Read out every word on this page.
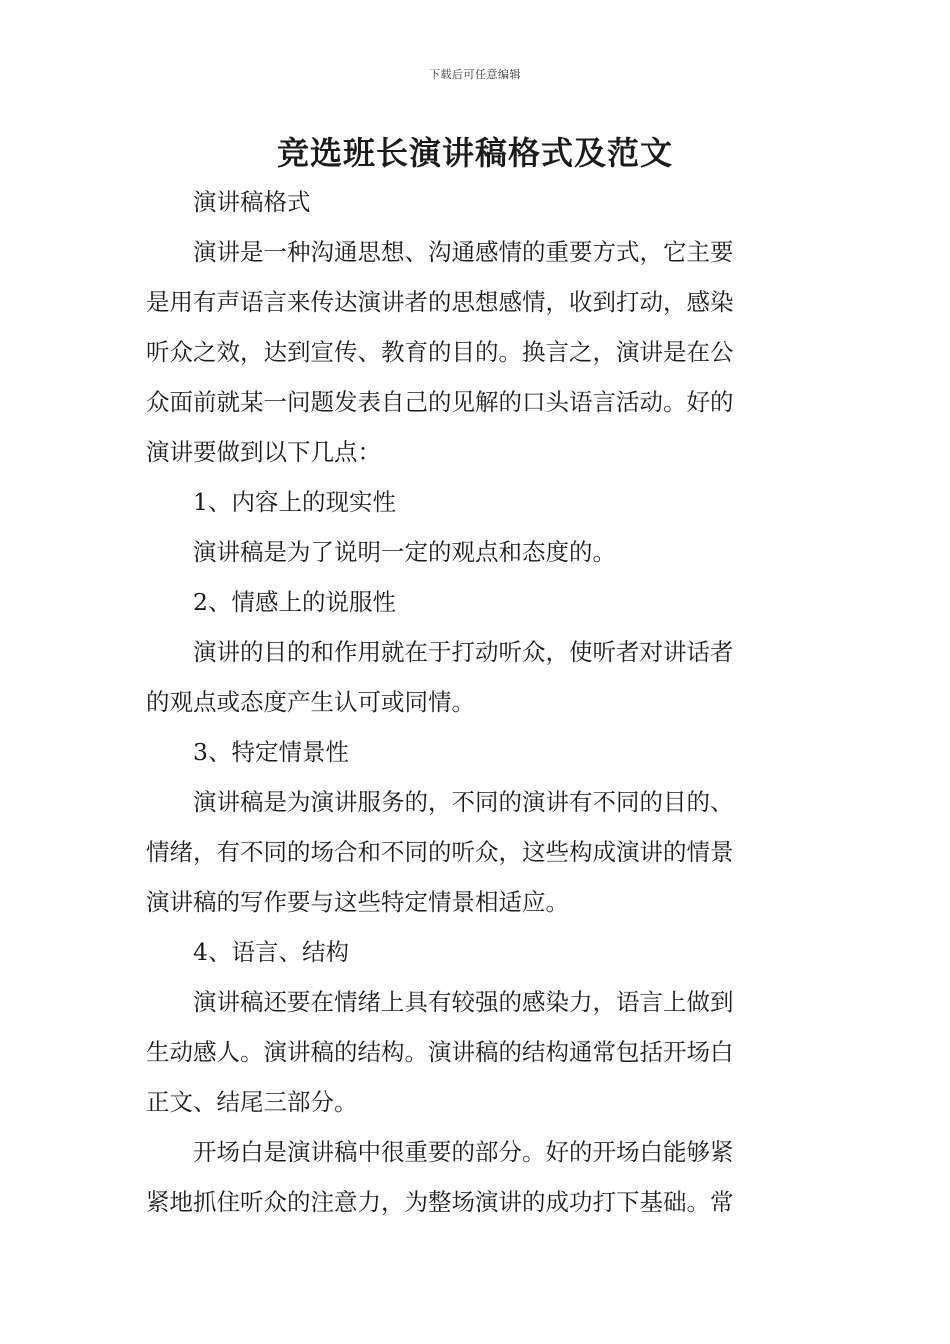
下载后可任意编辑
竞选班长演讲稿格式及范文
演讲稿格式
演讲是一种沟通思想、沟通感情的重要方式，它主要
是用有声语言来传达演讲者的思想感情，收到打动，感染
听众之效，达到宣传、教育的目的。换言之，演讲是在公
众面前就某一问题发表自己的见解的口头语言活动。好的
演讲要做到以下几点：
1、内容上的现实性
演讲稿是为了说明一定的观点和态度的。
2、情感上的说服性
演讲的目的和作用就在于打动听众，使听者对讲话者
的观点或态度产生认可或同情。
3、特定情景性
演讲稿是为演讲服务的，不同的演讲有不同的目的、
情绪，有不同的场合和不同的听众，这些构成演讲的情景
演讲稿的写作要与这些特定情景相适应。
4、语言、结构
演讲稿还要在情绪上具有较强的感染力，语言上做到
生动感人。演讲稿的结构。演讲稿的结构通常包括开场白
正文、结尾三部分。
开场白是演讲稿中很重要的部分。好的开场白能够紧
紧地抓住听众的注意力，为整场演讲的成功打下基础。常
